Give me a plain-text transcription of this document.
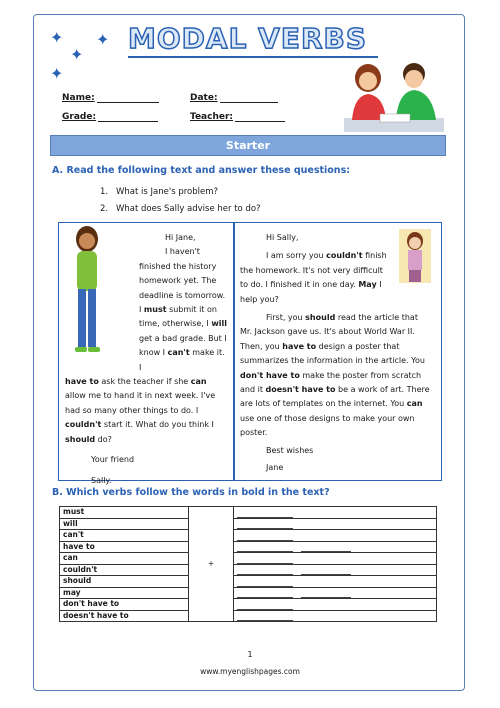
✦
✦
✦
✦
MODAL VERBS
Name:	Date:
Grade:	Teacher:
Starter
A. Read the following text and answer these questions:
1. What is Jane's problem?
2. What does Sally advise her to do?

Hi Jane,

I haven't

finished the history

homework yet. The

deadline is tomorrow.

I must submit it on

time, otherwise, I will

get a bad grade. But I

know I can't make it. I

have to ask the teacher if she can

allow me to hand it in next week. I've

had so many other things to do. I

couldn't start it. What do you think I

should do?

Your friend

Sally.

Hi Sally,

I am sorry you couldn't finish

the homework. It's not very difficult

to do. I finished it in one day. May I

help you?

First, you should read the article that

Mr. Jackson gave us. It's about World War II.

Then, you have to design a poster that

summarizes the information in the article. You

don't have to make the poster from scratch

and it doesn't have to be a work of art. There

are lots of templates on the internet. You can

use one of those designs to make your own

poster.

Best wishes

Jane

B. Which verbs follow the words in bold in the text?
must	+	
will		
can't		
have to		
can		
couldn't		
should		
may		
don't have to		
doesn't have to		
1
www.myenglishpages.com
